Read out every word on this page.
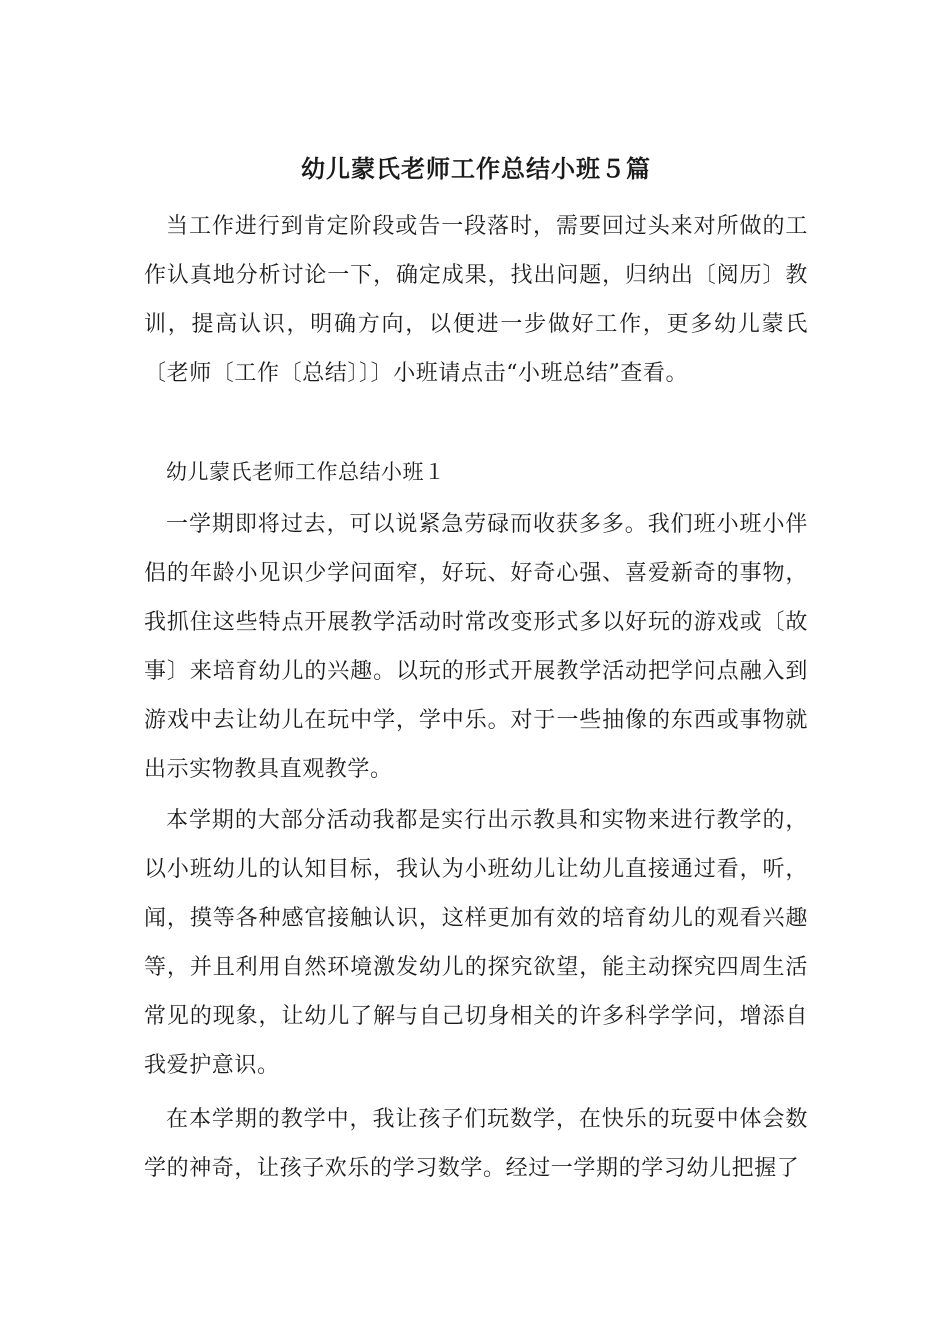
幼儿蒙氏老师工作总结小班５篇

当工作进行到肯定阶段或告一段落时，需要回过头来对所做的工作认真地分析讨论一下，确定成果，找出问题，归纳出〔阅历〕教训，提高认识，明确方向，以便进一步做好工作，更多幼儿蒙氏〔老师〔工作〔总结〕〕〕小班请点击“小班总结”查看。

幼儿蒙氏老师工作总结小班１

一学期即将过去，可以说紧急劳碌而收获多多。我们班小班小伴侣的年龄小见识少学问面窄，好玩、好奇心强、喜爱新奇的事物，我抓住这些特点开展教学活动时常改变形式多以好玩的游戏或〔故事〕来培育幼儿的兴趣。以玩的形式开展教学活动把学问点融入到游戏中去让幼儿在玩中学，学中乐。对于一些抽像的东西或事物就出示实物教具直观教学。

本学期的大部分活动我都是实行出示教具和实物来进行教学的，以小班幼儿的认知目标，我认为小班幼儿让幼儿直接通过看，听，闻，摸等各种感官接触认识，这样更加有效的培育幼儿的观看兴趣等，并且利用自然环境激发幼儿的探究欲望，能主动探究四周生活常见的现象，让幼儿了解与自己切身相关的许多科学学问，增添自我爱护意识。

在本学期的教学中，我让孩子们玩数学，在快乐的玩耍中体会数学的神奇，让孩子欢乐的学习数学。经过一学期的学习幼儿把握了
